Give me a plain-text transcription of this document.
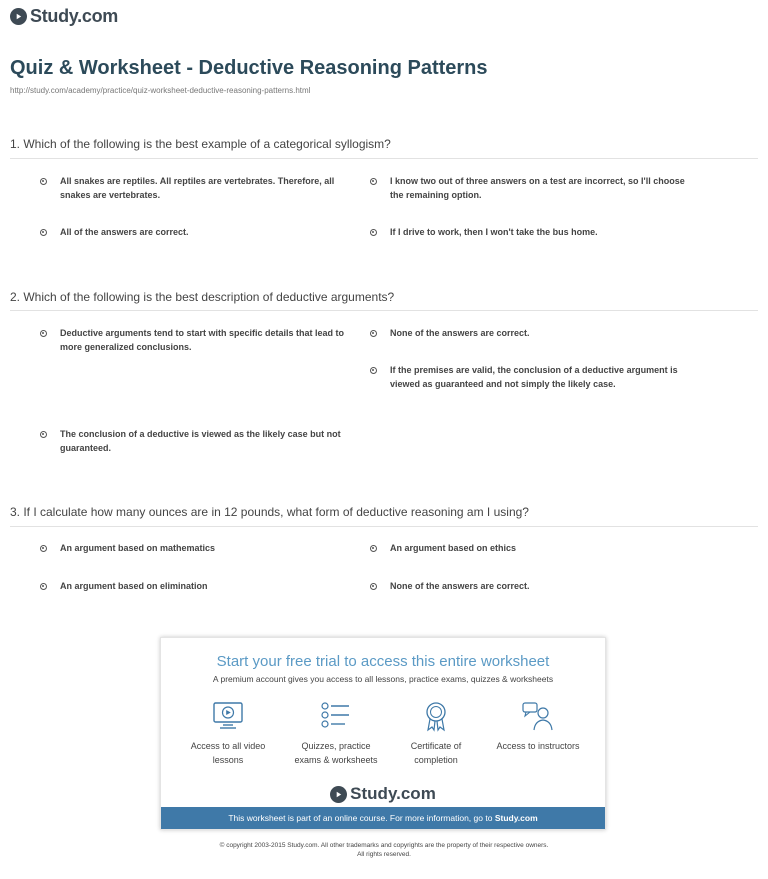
Study.com
Quiz & Worksheet - Deductive Reasoning Patterns
http://study.com/academy/practice/quiz-worksheet-deductive-reasoning-patterns.html
1. Which of the following is the best example of a categorical syllogism?
All snakes are reptiles. All reptiles are vertebrates. Therefore, all snakes are vertebrates.
I know two out of three answers on a test are incorrect, so I'll choose the remaining option.
All of the answers are correct.	If I drive to work, then I won't take the bus home.
2. Which of the following is the best description of deductive arguments?
Deductive arguments tend to start with specific details that lead to more generalized conclusions.
None of the answers are correct.
If the premises are valid, the conclusion of a deductive argument is viewed as guaranteed and not simply the likely case.
The conclusion of a deductive is viewed as the likely case but not guaranteed.
3. If I calculate how many ounces are in 12 pounds, what form of deductive reasoning am I using?
An argument based on mathematics	An argument based on ethics
An argument based on elimination	None of the answers are correct.
Start your free trial to access this entire worksheet
A premium account gives you access to all lessons, practice exams, quizzes & worksheets
Access to all video lessons
Quizzes, practice exams & worksheets
Certificate of completion
Access to instructors
Study.com
This worksheet is part of an online course. For more information, go to Study.com
© copyright 2003-2015 Study.com. All other trademarks and copyrights are the property of their respective owners.
All rights reserved.
